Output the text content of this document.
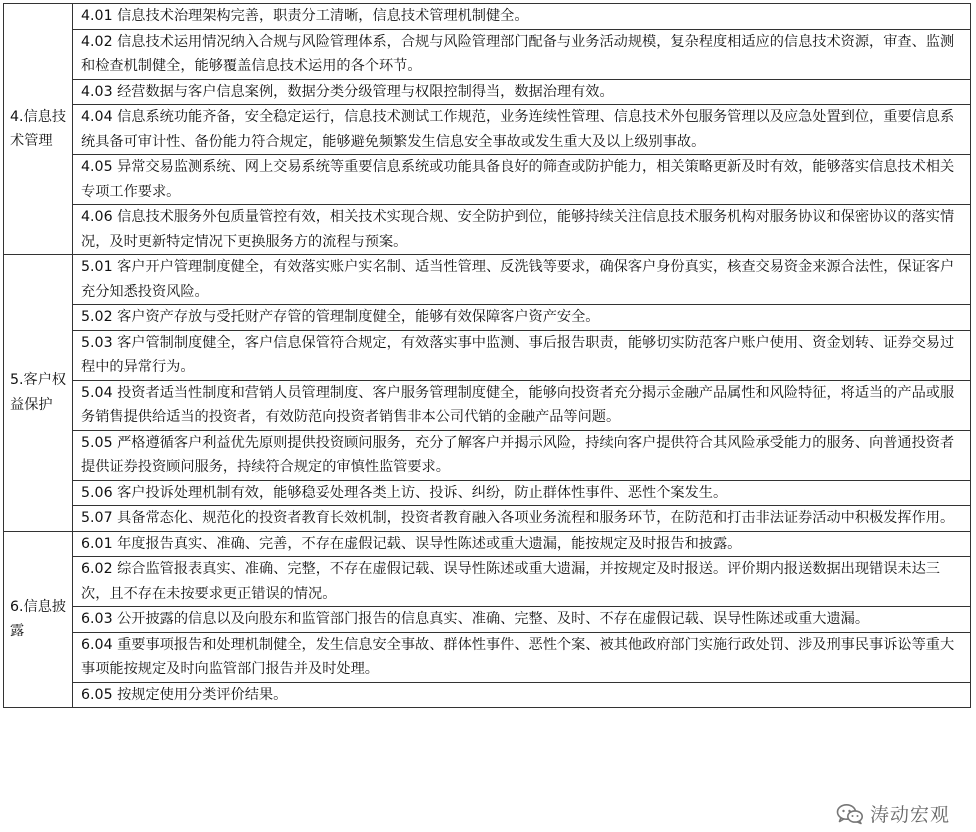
4.信息技术管理	4.01 信息技术治理架构完善，职责分工清晰，信息技术管理机制健全。
	4.02 信息技术运用情况纳入合规与风险管理体系，合规与风险管理部门配备与业务活动规模，复杂程度相适应的信息技术资源，审查、监测和检查机制健全，能够覆盖信息技术运用的各个环节。
	4.03 经营数据与客户信息案例，数据分类分级管理与权限控制得当，数据治理有效。
	4.04 信息系统功能齐备，安全稳定运行，信息技术测试工作规范，业务连续性管理、信息技术外包服务管理以及应急处置到位，重要信息系统具备可审计性、备份能力符合规定，能够避免频繁发生信息安全事故或发生重大及以上级别事故。
	4.05 异常交易监测系统、网上交易系统等重要信息系统或功能具备良好的筛查或防护能力，相关策略更新及时有效，能够落实信息技术相关专项工作要求。
	4.06 信息技术服务外包质量管控有效，相关技术实现合规、安全防护到位，能够持续关注信息技术服务机构对服务协议和保密协议的落实情况，及时更新特定情况下更换服务方的流程与预案。
5.客户权益保护	5.01 客户开户管理制度健全，有效落实账户实名制、适当性管理、反洗钱等要求，确保客户身份真实，核查交易资金来源合法性，保证客户充分知悉投资风险。
	5.02 客户资产存放与受托财产存管的管理制度健全，能够有效保障客户资产安全。
	5.03 客户管制制度健全，客户信息保管符合规定，有效落实事中监测、事后报告职责，能够切实防范客户账户使用、资金划转、证券交易过程中的异常行为。
	5.04 投资者适当性制度和营销人员管理制度、客户服务管理制度健全，能够向投资者充分揭示金融产品属性和风险特征，将适当的产品或服务销售提供给适当的投资者，有效防范向投资者销售非本公司代销的金融产品等问题。
	5.05 严格遵循客户利益优先原则提供投资顾问服务，充分了解客户并揭示风险，持续向客户提供符合其风险承受能力的服务、向普通投资者提供证券投资顾问服务，持续符合规定的审慎性监管要求。
	5.06 客户投诉处理机制有效，能够稳妥处理各类上访、投诉、纠纷，防止群体性事件、恶性个案发生。
	5.07 具备常态化、规范化的投资者教育长效机制，投资者教育融入各项业务流程和服务环节，在防范和打击非法证券活动中积极发挥作用。
6.信息披露	6.01 年度报告真实、准确、完善，不存在虚假记载、误导性陈述或重大遗漏，能按规定及时报告和披露。
	6.02 综合监管报表真实、准确、完整，不存在虚假记载、误导性陈述或重大遗漏，并按规定及时报送。评价期内报送数据出现错误未达三次，且不存在未按要求更正错误的情况。
	6.03 公开披露的信息以及向股东和监管部门报告的信息真实、准确、完整、及时、不存在虚假记载、误导性陈述或重大遗漏。
	6.04 重要事项报告和处理机制健全，发生信息安全事故、群体性事件、恶性个案、被其他政府部门实施行政处罚、涉及刑事民事诉讼等重大事项能按规定及时向监管部门报告并及时处理。
	6.05 按规定使用分类评价结果。
涛动宏观
